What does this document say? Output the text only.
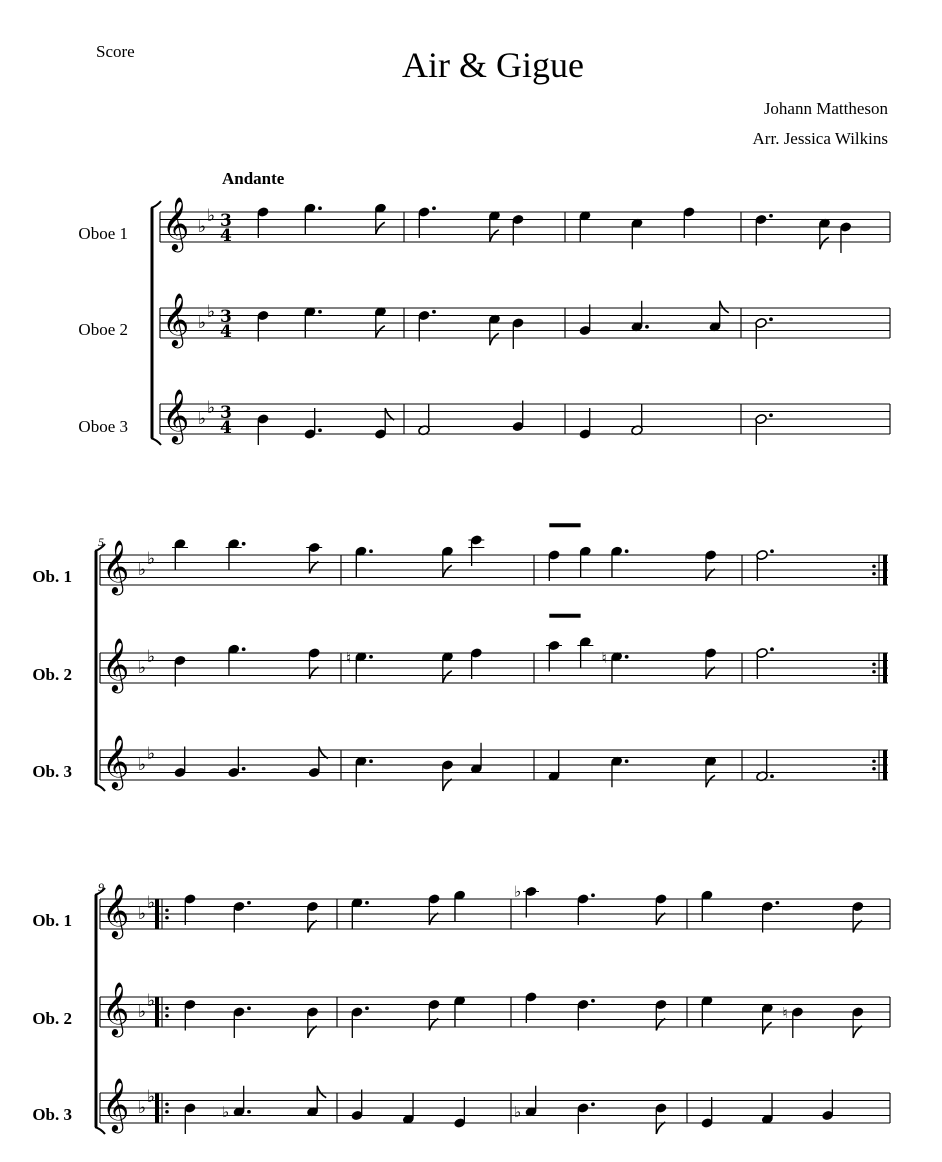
Score	Air & Gigue
Johann Mattheson
Arr. Jessica Wilkins
Andante
Oboe 1
Oboe 2
Oboe 3
Ob. 1
Ob. 2
Ob. 3
Ob. 1
Ob. 2
Ob. 3
5
9
𝄞 ♭
♭ 3
4
𝄞 ♭
♭ 3
4
𝄞 ♭
♭ 3
4
𝄞 ♭
♭
𝄞 ♭
♭	♮	♮
𝄞 ♭
♭
𝄞 ♭
♭
♭
𝄞 ♭
♭
♮
𝄞 ♭
♭
♭	♭
